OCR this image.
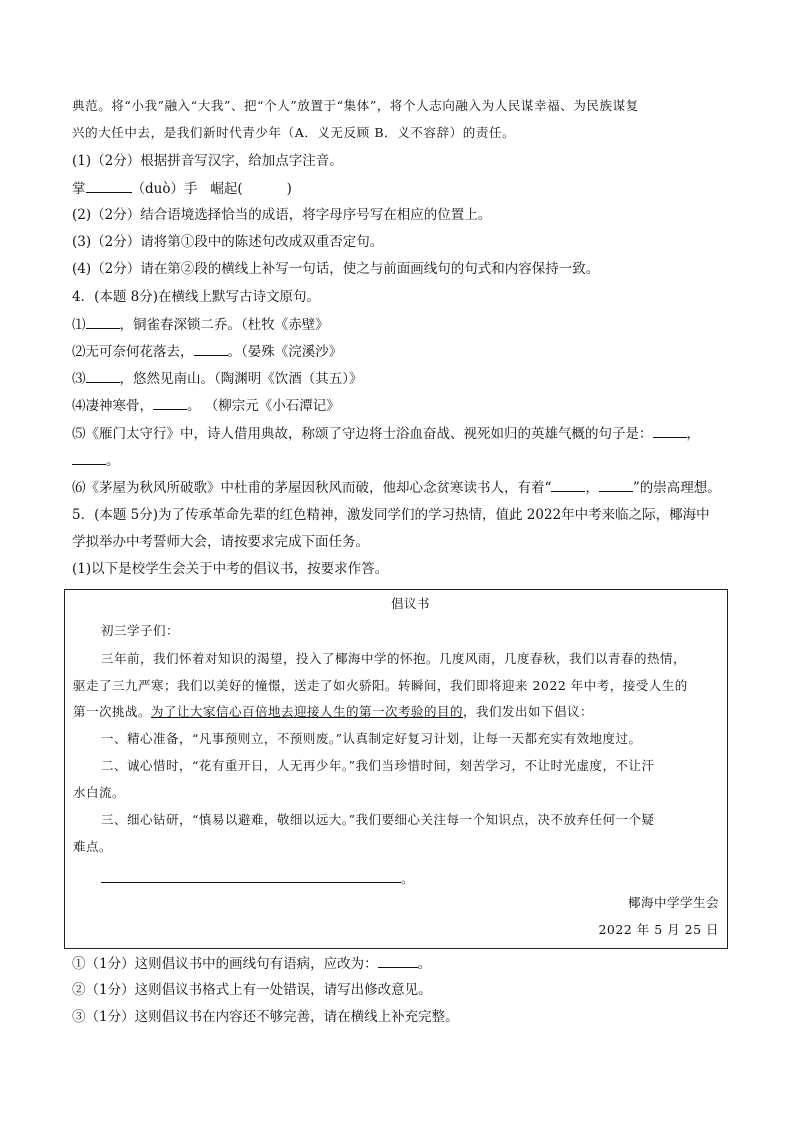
典范。将“小我”融入“大我”、把“个人”放置于“集体”，将个人志向融入为人民谋幸福、为民族谋复
兴的大任中去，是我们新时代青少年（A．义无反顾 B．义不容辞）的责任。
(1)（2分）根据拼音写汉字，给加点字注音。
掌	（duò）手 崛起(	)
(2)（2分）结合语境选择恰当的成语，将字母序号写在相应的位置上。
(3)（2分）请将第①段中的陈述句改成双重否定句。
(4)（2分）请在第②段的横线上补写一句话，使之与前面画线句的句式和内容保持一致。
4．(本题 8分)在横线上默写古诗文原句。
⑴	，铜雀春深锁二乔。（杜牧《赤壁》
⑵无可奈何花落去，	。（晏殊《浣溪沙》
⑶	，悠然见南山。（陶渊明《饮酒（其五）》
⑷凄神寒骨，	。 （柳宗元《小石潭记》
⑸《雁门太守行》中，诗人借用典故，称颂了守边将士浴血奋战、视死如归的英雄气概的句子是：	，
。
⑹《茅屋为秋风所破歌》中杜甫的茅屋因秋风而破，他却心念贫寒读书人，有着“	，	”的崇高理想。
5．(本题 5分)为了传承革命先辈的红色精神，激发同学们的学习热情，值此 2022年中考来临之际，椰海中
学拟举办中考誓师大会，请按要求完成下面任务。
(1)以下是校学生会关于中考的倡议书，按要求作答。
倡议书
初三学子们：
三年前，我们怀着对知识的渴望，投入了椰海中学的怀抱。几度风雨，几度春秋，我们以青春的热情，
驱走了三九严寒；我们以美好的憧憬，送走了如火骄阳。转瞬间，我们即将迎来 2022 年中考，接受人生的
第一次挑战。为了让大家信心百倍地去迎接人生的第一次考验的目的，我们发出如下倡议：
一、精心准备，“凡事预则立，不预则废。”认真制定好复习计划，让每一天都充实有效地度过。
二、诚心惜时，“花有重开日，人无再少年。”我们当珍惜时间，刻苦学习，不让时光虚度，不让汗
水白流。
三、细心钻研，“慎易以避难，敬细以远大。”我们要细心关注每一个知识点，决不放弃任何一个疑
难点。
。
椰海中学学生会
2022 年 5 月 25 日
①（1分）这则倡议书中的画线句有语病，应改为：	。
②（1分）这则倡议书格式上有一处错误，请写出修改意见。
③（1分）这则倡议书在内容还不够完善，请在横线上补充完整。
